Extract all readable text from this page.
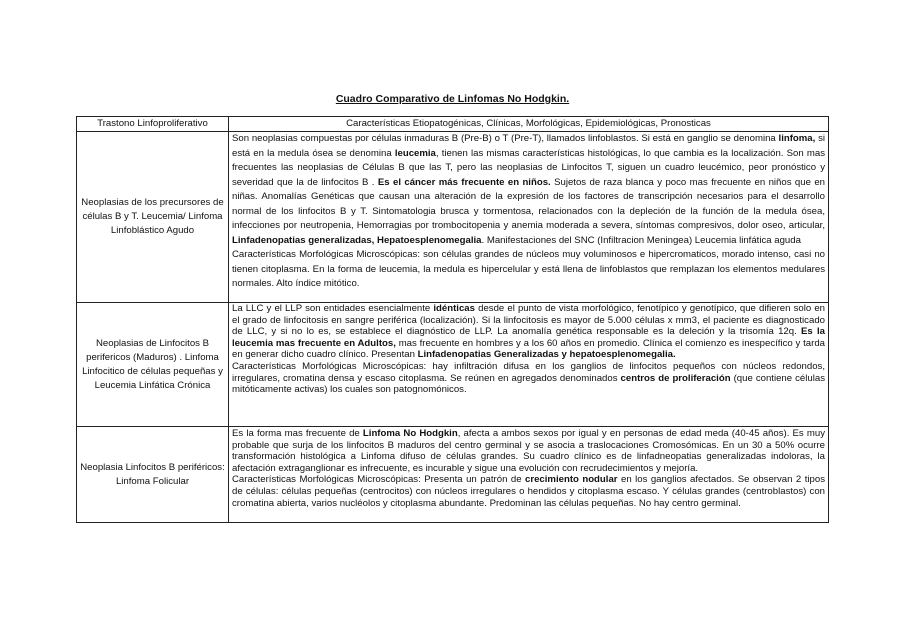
Cuadro Comparativo de Linfomas No Hodgkin.
Trastono Linfoproliferativo	Características Etiopatogénicas, Clínicas, Morfológicas, Epidemiológicas, Pronosticas
Neoplasias de los precursores de células B y T. Leucemia/ Linfoma Linfoblástico Agudo	Son neoplasias compuestas por células inmaduras B (Pre-B) o T (Pre-T), llamados linfoblastos. Si está en ganglio se denomina linfoma, si está en la medula ósea se denomina leucemia, tienen las mismas características histológicas, lo que cambia es la localización. Son mas frecuentes las neoplasias de Células B que las T, pero las neoplasias de Linfocitos T, siguen un cuadro leucémico, peor pronóstico y severidad que la de linfocitos B . Es el cáncer más frecuente en niños. Sujetos de raza blanca y poco mas frecuente en niños que en niñas. Anomalías Genéticas que causan una alteración de la expresión de los factores de transcripción necesarios para el desarrollo normal de los linfocitos B y T. Sintomatologia brusca y tormentosa, relacionados con la depleción de la función de la medula ósea, infecciones por neutropenia, Hemorragias por trombocitopenia y anemia moderada a severa, síntomas compresivos, dolor oseo, articular, Linfadenopatias generalizadas, Hepatoesplenomegalia. Manifestaciones del SNC (Infiltracion Meningea) Leucemia linfática aguda

Características Morfológicas Microscópicas: son células grandes de núcleos muy voluminosos e hipercromaticos, morado intenso, casi no tienen citoplasma. En la forma de leucemia, la medula es hipercelular y está llena de linfoblastos que remplazan los elementos medulares normales. Alto índice mitótico.

Neoplasias de Linfocitos B perifericos (Maduros) . Linfoma Linfocitico de células pequeñas y Leucemia Linfática Crónica	La LLC y el LLP son entidades esencialmente idénticas desde el punto de vista morfológico, fenotípico y genotípico, que difieren solo en el grado de linfocitosis en sangre periférica (localización). Si la linfocitosis es mayor de 5.000 células x mm3, el paciente es diagnosticado de LLC, y si no lo es, se establece el diagnóstico de LLP. La anomalía genética responsable es la deleción y la trisomía 12q. Es la leucemia mas frecuente en Adultos, mas frecuente en hombres y a los 60 años en promedio. Clínica el comienzo es inespecífico y tarda en generar dicho cuadro clínico. Presentan Linfadenopatias Generalizadas y hepatoesplenomegalia.

Características Morfológicas Microscópicas: hay infiltración difusa en los ganglios de linfocitos pequeños con núcleos redondos, irregulares, cromatina densa y escaso citoplasma. Se reúnen en agregados denominados centros de proliferación (que contiene células mitóticamente activas) los cuales son patognomónicos.

Neoplasia Linfocitos B periféricos: Linfoma Folicular	Es la forma mas frecuente de Linfoma No Hodgkin, afecta a ambos sexos por igual y en personas de edad meda (40-45 años). Es muy probable que surja de los linfocitos B maduros del centro germinal y se asocia a traslocaciones Cromosómicas. En un 30 a 50% ocurre transformación histológica a Linfoma difuso de células grandes. Su cuadro clínico es de linfadneopatias generalizadas indoloras, la afectación extraganglionar es infrecuente, es incurable y sigue una evolución con recrudecimientos y mejoría.

Características Morfológicas Microscópicas: Presenta un patrón de crecimiento nodular en los ganglios afectados. Se observan 2 tipos de células: células pequeñas (centrocitos) con núcleos irregulares o hendidos y citoplasma escaso. Y células grandes (centroblastos) con cromatina abierta, varios nucléolos y citoplasma abundante. Predominan las células pequeñas. No hay centro germinal.
